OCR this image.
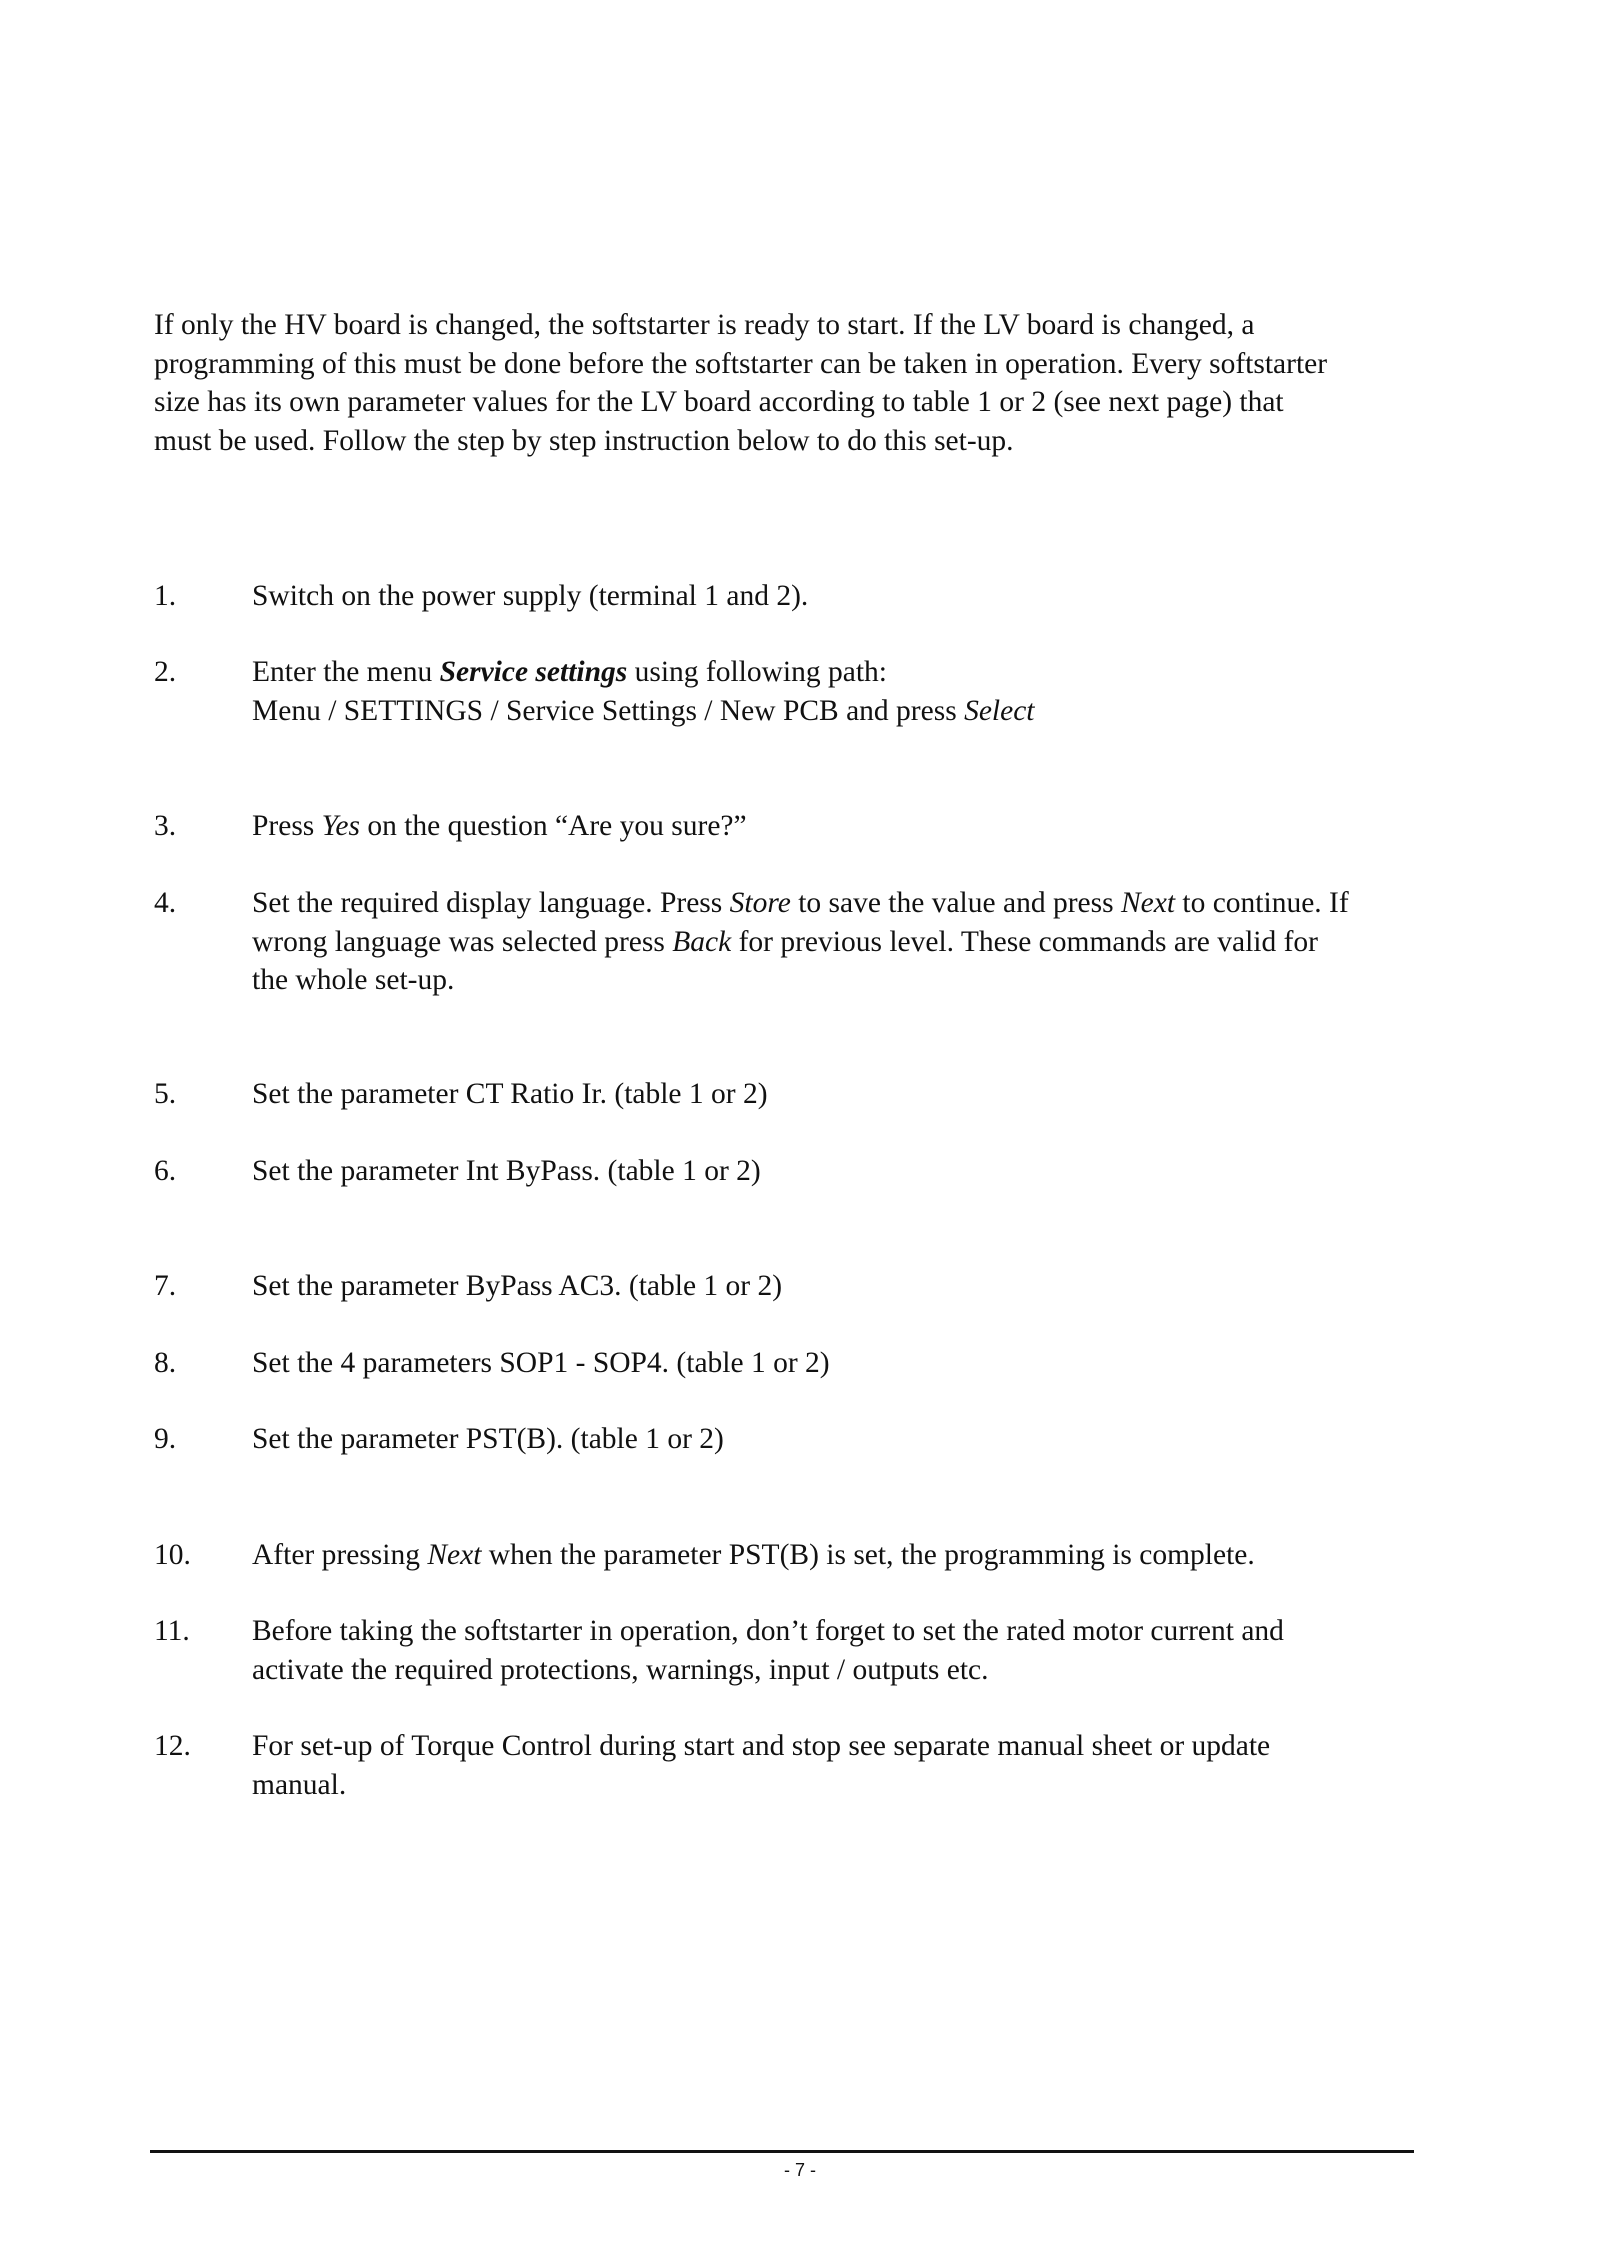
If only the HV board is changed, the softstarter is ready to start. If the LV board is changed, a
programming of this must be done before the softstarter can be taken in operation. Every softstarter
size has its own parameter values for the LV board according to table 1 or 2 (see next page) that
must be used. Follow the step by step instruction below to do this set-up.
1.	Switch on the power supply (terminal 1 and 2).
2.	Enter the menu Service settings using following path:
Menu / SETTINGS / Service Settings / New PCB and press Select
3.	Press Yes on the question “Are you sure?”
4.	Set the required display language. Press Store to save the value and press Next to continue. If
wrong language was selected press Back for previous level. These commands are valid for
the whole set-up.
5.	Set the parameter CT Ratio Ir. (table 1 or 2)
6.	Set the parameter Int ByPass. (table 1 or 2)
7.	Set the parameter ByPass AC3. (table 1 or 2)
8.	Set the 4 parameters SOP1 - SOP4. (table 1 or 2)
9.	Set the parameter PST(B). (table 1 or 2)
10. After pressing Next when the parameter PST(B) is set, the programming is complete.
11. Before taking the softstarter in operation, don’t forget to set the rated motor current and
activate the required protections, warnings, input / outputs etc.
12. For set-up of Torque Control during start and stop see separate manual sheet or update
manual.
- 7 -
